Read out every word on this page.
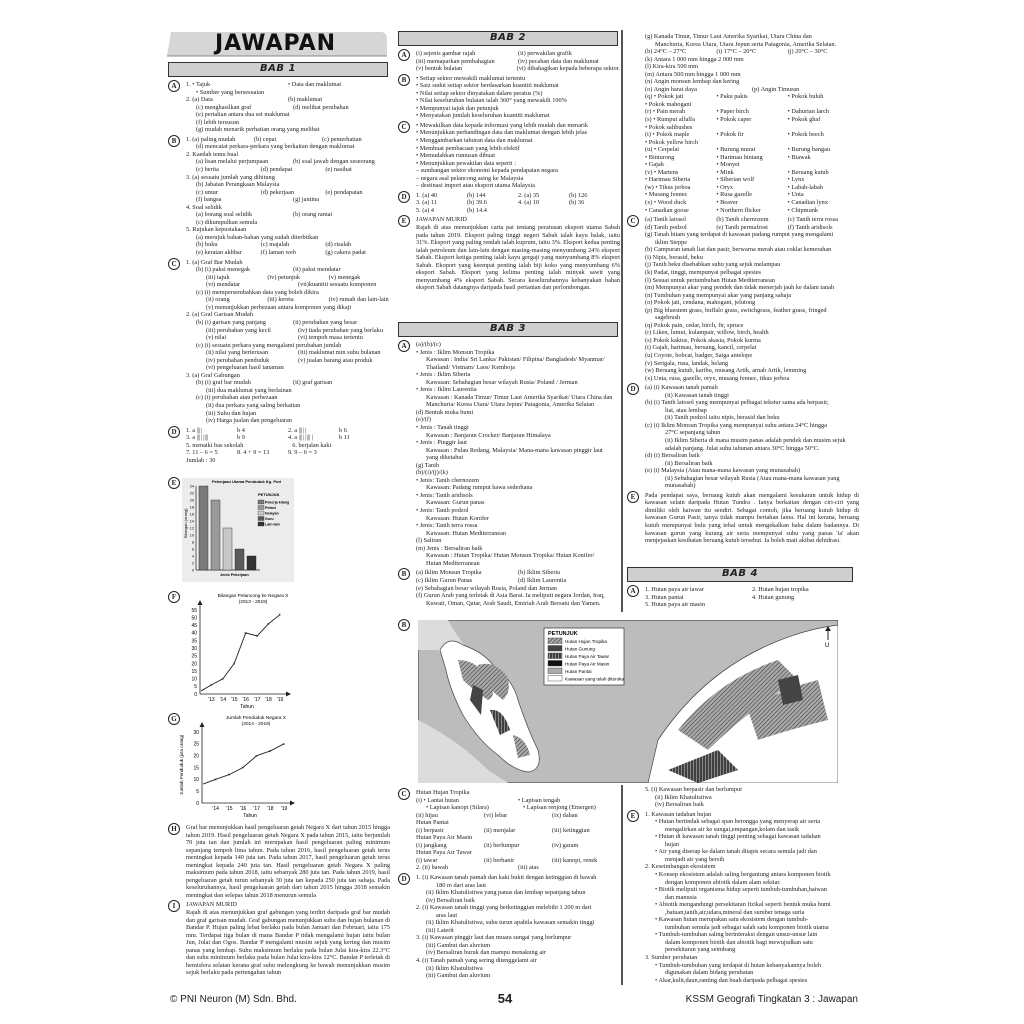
JAWAPAN
BAB 1
BAB 2
BAB 3
BAB 4
A	1. • Tajuk	• Data dan maklumat
• Sumber yang bersesuaian
2. (a) Data	(b) maklumat
(c) menghasilkan graf	(d) melihat perubahan
(e) pertalian antara dua set maklumat
(f) lebih tersusun
(g) mudah menarik perhatian orang yang melihat
B	1. (a) paling mudah	(b) cepat	(c) pemerhatian
(d) mencatat perkara-perkara yang berkaitan dengan maklumat
2. Kaedah temu bual
(a) lisan melalui perjumpaan	(b) soal jawab dengan seseorang
(c) berita	(d) pendapat	(e) nasihat
3. (a) sesuatu jumlah yang dihitung
(b) Jabatan Perangkaan Malaysia
(c) umur	(d) pekerjaan	(e) pendapatan
(f) bangsa	(g) jantina
4. Soal selidik
(a) borang soal selidik	(b) orang ramai
(c) dikumpulkan semula
5. Rujukan kepustakaan
(a) merujuk bahan-bahan yang sudah diterbitkan
(b) buku	(c) majalah	(d) risalah
(e) keratan akhbar	(f) laman web	(g) cakera padat
C	1. (a) Graf Bar Mudah
(b) (i) paksi menegak	(ii) paksi mendatar
(iii) tajuk	(iv) petunjuk	(v) menegak
(vi) mendatar	(vii)kuantiti sesuatu komponen
(c) (i) mempersembahkan data yang boleh dikira
(ii) orang	(iii) kereta	(iv) rumah dan lain-lain
(v) menunjukkan perbezaan antara komponen yang dikaji
2. (a) Graf Garisan Mudah
(b) (i) garisan yang panjang	(ii) perubahan yang besar
(iii) perubahan yang kecil	(iv) tiada perubahan yang berlaku
(v) nilai	(vi) tempoh masa tertentu
(c) (i) sesuatu perkara yang mengalami perubahan jumlah
(ii) nilai yang berterusan	(iii) maklumat min suhu bulanan
(iv) perubahan penduduk	(v) jualan barang atau produk
(vi) pengeluaran hasil tanaman
3. (a) Graf Gabungan
(b) (i) graf bar mudah	(ii) graf garisan
(iii) dua maklumat yang berlainan
(c) (i) perubahan atau perbezaan
(ii) dua perkara yang saling berkaitan
(iii) Suhu dan hujan
(iv) Harga jualan dan pengeluaran
D	1. a ||||	b 4	2. a |||| |	b 6
3. a |||| ||||	b 9	4. a |||| |||| |	b 11
5. menaiki bas sekolah	6. berjalan kaki
7. 11 – 6 = 5	8. 4 + 9 = 13	9. 9 – 6 = 3
Jumlah : 30
E
0
2
4
6
8
10
12
14
16
18
20
22
24
Pekerjaan Utama Penduduk Kg. Puri
Jenis Pekerjaan
Bilangan (orang)
PETUNJUK
Pekerja kilang
Petani
Nelayan
Guru
Lain-lain
F
0
5
10
15
20
25
30
35
40
45
50
55
×
×
×
×
×
×
×
'13 '14 '15 '16 '17 '18 '19
Tahun
Bilangan Pelancong ke Negara X
(2013 - 2019)
G
0
5
10
15
20
25
30
×
×
×
×
×
×
'14 '15 '16 '17 '18 '19
Tahun
Jumlah Penduduk Negara X
(2014 - 2019)
Jumlah Penduduk (juta orang)
H	Graf bar menunjukkan hasil pengeluaran getah Negara X dari tahun 2015 hingga tahun 2019. Hasil pengeluaran getah Negara X pada tahun 2015, iaitu berjumlah 70 juta tan dan jumlah ini merupakan hasil pengeluaran paling minimum sepanjang tempoh lima tahun. Pada tahun 2016, hasil pengeluaran getah terus meningkat kepada 140 juta tan. Pada tahun 2017, hasil pengeluaran getah terus meningkat kepada 240 juta tan. Hasil pengeluaran getah Negara X paling maksimum pada tahun 2018, iaitu sebanyak 280 juta tan. Pada tahun 2019, hasil pengeluaran getah turun sebanyak 30 juta tan kepada 250 juta tan sahaja. Pada keseluruhannya, hasil pengeluaran getah dari tahun 2015 hingga 2018 semakin meningkat dan selepas tahun 2018 menurun semula
I	JAWAPAN MURID
Rajah di atas menunjukkan graf gabungan yang terdiri daripada graf bar mudah dan graf garisan mudah. Graf gabungan menunjukkan suhu dan hujan bulanan di Bandar P. Hujan paling lebat berlaku pada bulan Januari dan Februari, iaitu 175 mm. Terdapat tiga bulan di mana Bandar P tidak mengalami hujan iaitu bulan Jun, Julai dan Ogos. Bandar P mengalami musim sejuk yang kering dan musim panas yang lembap. Suhu maksimum berlaku pada bulan Julai kira-kira 22.3°C dan suhu minimum berlaku pada bulan Julai kira-kira 12°C. Bandar P terletak di hemisfera selatan kerana graf suhu melengkung ke bawah menunjukkan musim sejuk berlaku pada pertengahan tahun
A	(i) sejenis gambar rajah	(ii) perwakilan grafik
(iii) memaparkan pembahagian	(iv) pecahan data dan maklumat
(v) bentuk bulatan	(vi) dibahagikan kepada beberapa sektor.
B	• Setiap sektor mewakili maklumat tertentu
• Saiz sudut setiap sektor berdasarkan kuantiti maklumat
• Nilai setiap sektor dinyatakan dalam peratus (%)
• Nilai keseluruhan bulatan ialah 360° yang mewakili 100%
• Mempunyai tajuk dan petunjuk
• Menyatakan jumlah keseluruhan kuantiti maklumat
C	• Mewakilkan data kepada informasi yang lebih mudah dan menarik
• Menunjukkan perbandingan data dan maklumat dengan lebih jelas
• Menggambarkan taburan data dan maklumat
• Membuat pembacaan yang lebih efektif
• Memudahkan rumusan dibuat
• Menunjukkan pewakilan data seperti :
– sumbangan sektor ekonomi kepada pendapatan negara
– negara asal pelancong asing ke Malaysia
– destinasi import atau eksport utama Malaysia
D	1. (a) 40	(b) 144	2. (a) 35	(b) 126
3. (a) 11	(b) 39.6	4. (a) 10	(b) 36
5. (a) 4	(b) 14.4
E	JAWAPAN MURID
Rajah di atas menunjukkan carta pai tentang peratusan eksport utama Sabah pada tahun 2019. Eksport paling tinggi negeri Sabah ialah kayu balak, iaitu 31%. Eksport yang paling rendah ialah kuprum, iaitu 3%. Eksport kedua penting ialah petroleum dan lain-lain dengan masing-masing menyumbang 24% eksport Sabah. Eksport ketiga penting ialah kayu gergaji yang menyumbang 8% eksport Sabah. Ekoport yang keempat penting ialah biji koko yang menyumbang 6% eksport Sabah. Eksport yang kelima penting ialah minyak sawit yang menyumbang 4% eksport Sabah. Secara keseluruhannya kebanyakan bahan eksport Sabah datangnya daripada hasil pertanian dan perlombongan.
A	(a)/(b)/(c)
• Jenis : Iklim Monsun Tropika
Kawasan : India/ Sri Lanka/ Pakistan/ Filipina/ Bangladesh/ Myanmar/
Thailand/ Vietnam/ Laos/ Kemboja
• Jenis : Iklim Siberia
Kawasan: Sebahagian besar wilayah Rusia/ Poland / Jerman
• Jenis : Iklim Laurentia
Kawasan : Kanada Timur/ Timur Laut Amerika Syarikat/ Utara China dan
Manchuria/ Korea Utara/ Utara Jepun/ Patagonia, Amerika Selatan
(d) Bentuk muka bumi
(e)/(f)
• Jenis : Tanah tinggi
Kawasan : Banjaran Crocker/ Banjaran Himalaya
• Jenis : Pinggir laut
Kawasan : Pulau Redang, Malaysia/ Mana-mana kawasan pinggir laut
yang diketahui
(g) Tanih
(h)/(i)/(j)/(k)
• Jenis: Tanih chernozem
Kawasan: Padang rumput hawa sederhana
• Jenis: Tanih aridisols
Kawasan: Gurun panas
• Jenis: Tanih podzol
Kawasan: Hutan Konifer
• Jenis: Tanih terra rossa
Kawasan: Hutan Mediterranean
(l) Saliran
(m) Jenis : Bersaliran baik
Kawasan : Hutan Tropika/ Hutan Monsun Tropika/ Hutan Konifer/
Hutan Mediterranean
B	(a) Iklim Monsun Tropika	(b) Iklim Siberia
(c) Iklim Gurun Panas	(d) Iklim Laurentia
(e) Sebahagian besar wilayah Rusia, Poland dan Jerman
(f) Gurun Arab yang terletak di Asia Barat. Ia meliputi negara Jordan, Iraq,
Kuwait, Oman, Qatar, Arab Saudi, Emiriah Arab Bersatu dan Yamen.
(g) Kanada Timur, Timur Laut Amerika Syarikat, Utara China dan
Manchuria, Korea Utara, Utara Jepun serta Patagonia, Amerika Selatan.
(h) 24°C – 27°C	(i) 17°C – 20°C	(j) 20°C – 30°C
(k) Antara 1 000 mm hingga 2 000 mm
(l) Kira-kira 500 mm
(m) Antara 500 mm hingga 1 000 mm
(n) Angin monsun lembap dan kering
(o) Angin barat daya	(p) Angin Timuran
(q) • Pokok jati	• Paku pakis	• Pokok buluh
• Pokok mahogani
(r) • Pain merah	• Paper birch	• Dahurian larch
(s) • Rumput alfalfa	• Pokok caper	• Pokok ghaf
• Pokok saltbushes
(t) • Pokok maple	• Pokok fir	• Pokok beech
• Pokok yellow birch
(u) • Cerpelai	• Burung murai	• Burung bangau
• Binturong	• Harimau bintang	• Biawak
• Gajah	• Monyet
(v) • Martens	• Mink	• Beruang kutub
• Harimau Siberia	• Siberian wolf	• Lynx
(w) • Tikus jerboa	• Oryx	• Labah-labah
• Musang fennec	• Rusa gazelle	• Unta
(x) • Wood duck	• Beaver	• Canadian lynx
• Canadian goose	• Northern flicker	• Chipmunk
C	(a) Tanih latosol	(b) Tanih chernozem	(c) Tanih terra rossa
(d) Tanih podzol	(e) Tanih permafrost	(f) Tanih aridisols
(g) Tanah hitam yang terdapat di kawasan padang rumput yang mengalami
iklim Steppe
(h) Campuran tanah liat dan pasir, berwarna merah atau coklat kemerahan
(i) Nipis, berasid, beku
(j) Tanih beku disebabkan suhu yang sejuk melampau
(k) Padat, tinggi, mempunyai pelbagai spesies
(l) Sesuai untuk pertumbuhan Hutan Mediterranean
(m) Mempunyai akar yang pendek dan tidak menerjah jauh ke dalam tanah
(n) Tumbuhan yang mempunyai akar yang panjang sahaja
(o) Pokok jati, cendana, mahogani, jelutong
(p) Big bluestem grass, buffalo grass, switchgrass, feather grass, fringed
sagebrush
(q) Pokok pain, cedar, birch, fir, spruce
(r) Liken, lumut, kulampair, willow, birch, health
(s) Pokok kaktus, Pokok akasia, Pokok kurma
(t) Gajah, harimau, beruang, kancil, cerpelai
(u) Coyote, bobcat, badger, Saiga antelope
(v) Serigala, rusa, landak, helang
(w) Beruang kutub, karibu, musang Artik, arnab Artik, lemming
(x) Unta, rusa, gazelle, oryx, musang fennec, tikus jerboa
D	(a) (i) Kawasan tanah pamah
(ii) Kawasan tanah tinggi
(b) (i) Tanih latosol yang mempunyai pelbagai tekstur sama ada berpasir,
liat, atau lembap
(ii) Tanih podzol iaitu nipis, berasid dan beku
(c) (i) Iklim Monsun Tropika yang mempunyai suhu antara 24°C hingga
27°C sepanjang tahun
(ii) Iklim Siberia di mana musim panas adalah pendek dan musim sejuk
adalah panjang. Julat suhu tahunan antara 30°C hingga 50°C.
(d) (i) Bersaliran baik
(ii) Bersaliran baik
(e) (i) Malaysia (Atau mana-mana kawasan yang munasabah)
(ii) Sebahagian besar wilayah Rusia (Atau mana-mana kawasan yang
munasabah)
E	Pada pendapat saya, beruang kutub akan mengalami kesukaran untuk hidup di kawasan selain daripada Hutan Tundra . Ianya berkaitan dengan ciri-ciri yang dimiliki oleh haiwan itu sendiri. Sebagai contoh, jika beruang kutub hidup di kawasan Gurun Pasir, ianya tidak mampu bertahan lama. Hal ini kerana, beruang kutub mempunyai bulu yang tebal untuk mengekalkan haba dalam badannya. Di kawasan gurun yang kurang air serta mempunyai suhu yang panas 'ia' akan menjejaskan kesihatan beruang kutub tersebut. Ia boleh mati akibat dehidrasi.
A	1. Hutan paya air tawar	2. Hutan hujan tropika
3. Hutan pantai	4. Hutan gunung
5. Hutan paya air masin
B
PETUNJUK
Hutan Hujan Tropika
Hutan Gunung
Hutan Paya Air Tawar
Hutan Paya Air Masin
Hutan Pantai
Kawasan yang telah diteroka
U
C	Hutan Hujan Tropika
(i) • Lantai hutan	• Lapisan tengah
• Lapisan kanopi (Silara)	• Lapisan renjong (Emergen)
(ii) hijau	(vi) lebar	(ix) dahan
Hutan Pantai
(i) berpasir	(ii) menjalar	(iii) ketinggian
Hutan Paya Air Masin
(i) jangkang	(ii) berlumpur	(iv) garam
Hutan Paya Air Tawar
(i) tawar	(ii) berbanir	(iii) kanopi, renek
2. (ii) bawah	(iii) atas
D	1. (i) Kawasan tanah pamah dan kaki bukit dengan ketinggian di bawah
180 m dari aras laut
(ii) Iklim Khatulistiwa yang panas dan lembap sepanjang tahun
(iv) Bersaliran baik
2. (i) Kawasan tanah tinggi yang berketinggian melebihi 1 200 m dari
aras laut
(ii) Iklim Khatulistiwa, suhu turun apabila kawasan semakin tinggi
(iii) Laterit
3. (i) Kawasan pinggir laut dan muara sungai yang berlumpur
(iii) Gambut dan aluvium
(iv) Bersaliran buruk dan mampu menakung air
4. (i) Tanah pamah yang sering ditenggelami air
(ii) Iklim Khatulistiwa
(iii) Gambut dan aluvium
5. (i) Kawasan berpasir dan berlumpur
(ii) Iklim Khatulistiwa
(iv) Bersaliran baik
E	1. Kawasan tadahan hujan
• Hutan bertindak sebagai span berongga yang menyerap air serta
mengalirkan air ke sungai,empangan,kolam dan tasik
• Hutan di kawasan tanah tinggi penting sebagai kawasan tadahan
hujan
• Air yang diserap ke dalam tanah ditapis secara semula jadi dan
menjadi air yang bersih
2. Keseimbangan ekosistem
• Konsep ekosistem adalah saling bergantung antara komponen biotik
dengan komponen abiotik dalam alam sekitar.
• Biotik meliputi organisma hidup seperti tumbuh-tumbuhan,haiwan
dan manusia
• Abiotik mengandungi persekitaran fizikal seperti bentuk muka bumi
,batuan,tanih,air,udara,mineral dan sumber tenaga suria
• Kawasan hutan merupakan satu ekosistem dengan tumbuh-
tumbuhan semula jadi sebagai salah satu komponen biotik utama
• Tumbuh-tumbuhan saling berinteraksi dengan unsur-unsur lain
dalam komponen biotik dan abiotik bagi mewujudkan satu
persekitaran yang seimbang
3. Sumber perubatan
• Tumbuh-tumbuhan yang terdapat di hutan kebanyakannya boleh
digunakan dalam bidang perubatan
• Akar,kulit,daun,ranting dan buah daripada pelbagai spesies
© PNI Neuron (M) Sdn. Bhd.	54	KSSM Geografi Tingkatan 3 : Jawapan
